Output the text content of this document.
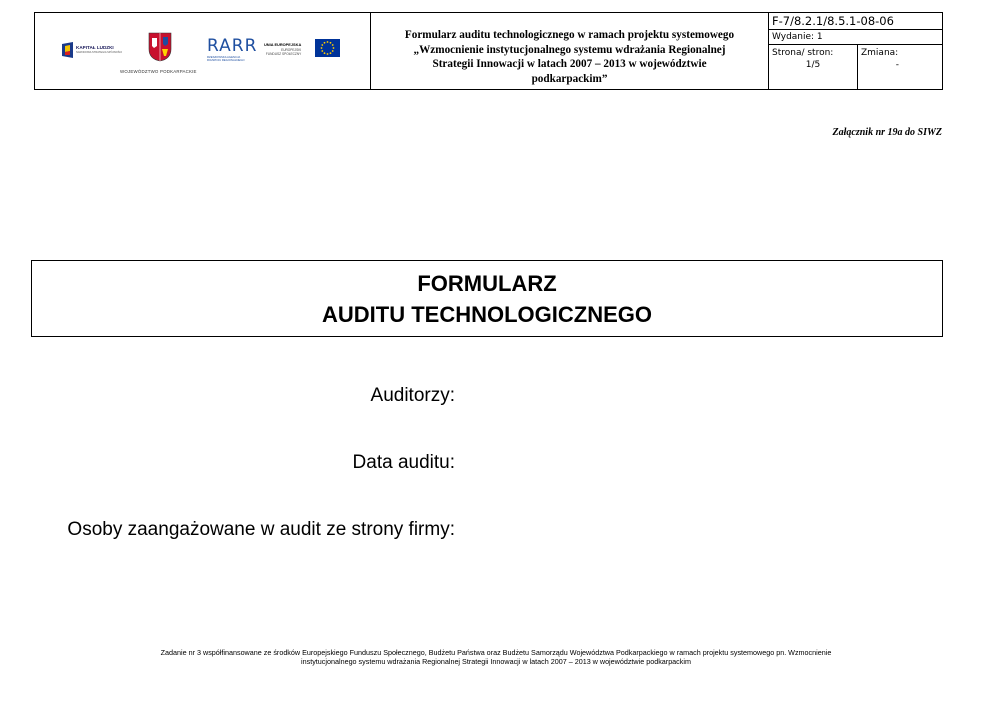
KAPITAŁ LUDZKI
NARODOWA STRATEGIA SPÓJNOŚCI
WOJEWÓDZTWO PODKARPACKIE
RARR
RZESZOWSKA AGENCJA ROZWOJU REGIONALNEGO
UNIA EUROPEJSKA
EUROPEJSKI
FUNDUSZ SPOŁECZNY
Formularz auditu technologicznego w ramach projektu systemowego
„Wzmocnienie instytucjonalnego systemu wdrażania Regionalnej
Strategii Innowacji w latach 2007 – 2013 w województwie
podkarpackim”
F-7/8.2.1/8.5.1-08-06
Wydanie: 1
Strona/ stron:
1/5
Zmiana:
-
Załącznik nr 19a do SIWZ
FORMULARZ
AUDITU TECHNOLOGICZNEGO
Auditorzy:
Data auditu:
Osoby zaangażowane w audit ze strony firmy:
Zadanie nr 3 współfinansowane ze środków Europejskiego Funduszu Społecznego, Budżetu Państwa oraz Budżetu Samorządu Województwa Podkarpackiego w ramach projektu systemowego pn. Wzmocnienie
instytucjonalnego systemu wdrażania Regionalnej Strategii Innowacji w latach 2007 – 2013 w województwie podkarpackim
